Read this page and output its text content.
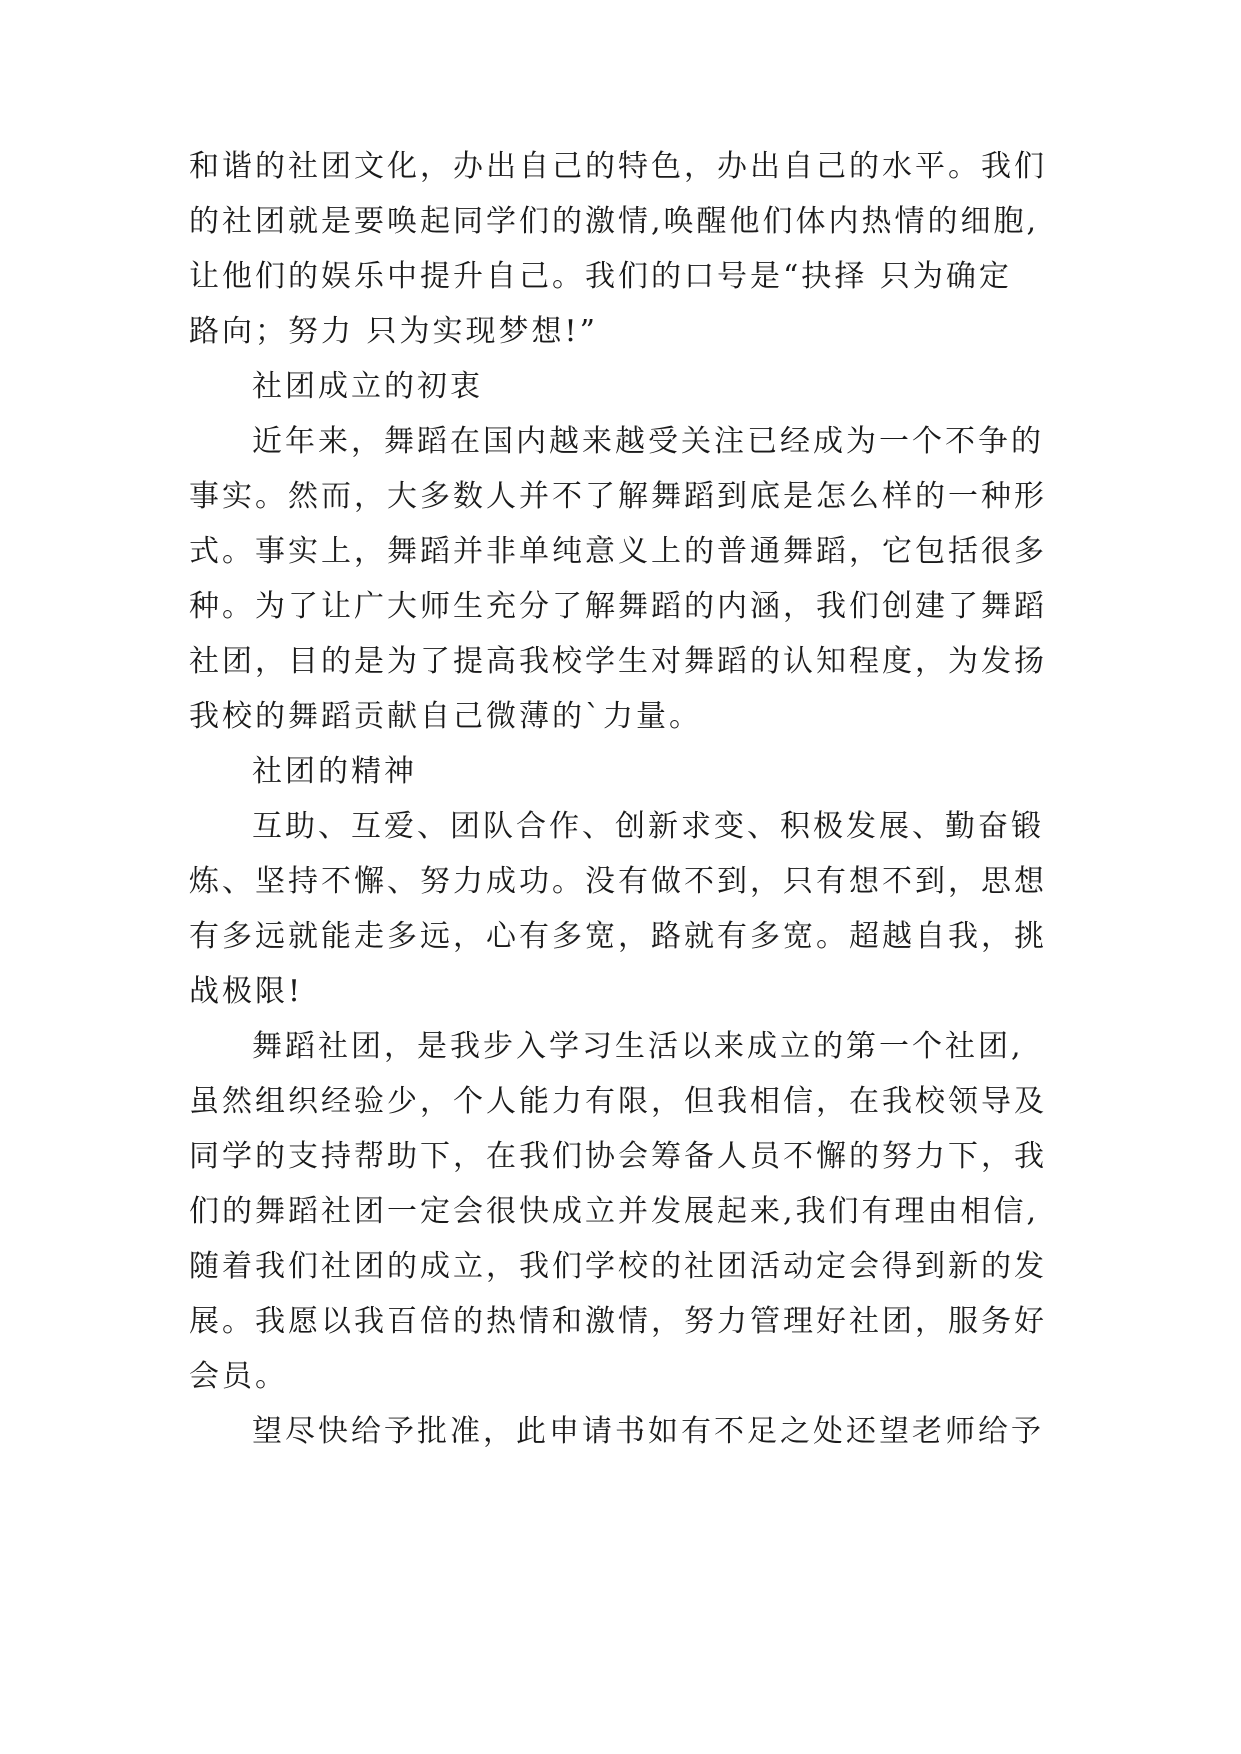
和谐的社团文化，办出自己的特色，办出自己的水平。我们
的社团就是要唤起同学们的激情,唤醒他们体内热情的细胞,
让他们的娱乐中提升自己。我们的口号是“抉择 只为确定
路向；努力 只为实现梦想!”
社团成立的初衷
近年来，舞蹈在国内越来越受关注已经成为一个不争的
事实。然而，大多数人并不了解舞蹈到底是怎么样的一种形
式。事实上，舞蹈并非单纯意义上的普通舞蹈，它包括很多
种。为了让广大师生充分了解舞蹈的内涵，我们创建了舞蹈
社团，目的是为了提高我校学生对舞蹈的认知程度，为发扬
我校的舞蹈贡献自己微薄的`力量。
社团的精神
互助、互爱、团队合作、创新求变、积极发展、勤奋锻
炼、坚持不懈、努力成功。没有做不到，只有想不到，思想
有多远就能走多远，心有多宽，路就有多宽。超越自我，挑
战极限!
舞蹈社团，是我步入学习生活以来成立的第一个社团,
虽然组织经验少，个人能力有限，但我相信，在我校领导及
同学的支持帮助下，在我们协会筹备人员不懈的努力下，我
们的舞蹈社团一定会很快成立并发展起来,我们有理由相信,
随着我们社团的成立，我们学校的社团活动定会得到新的发
展。我愿以我百倍的热情和激情，努力管理好社团，服务好
会员。
望尽快给予批准，此申请书如有不足之处还望老师给予
